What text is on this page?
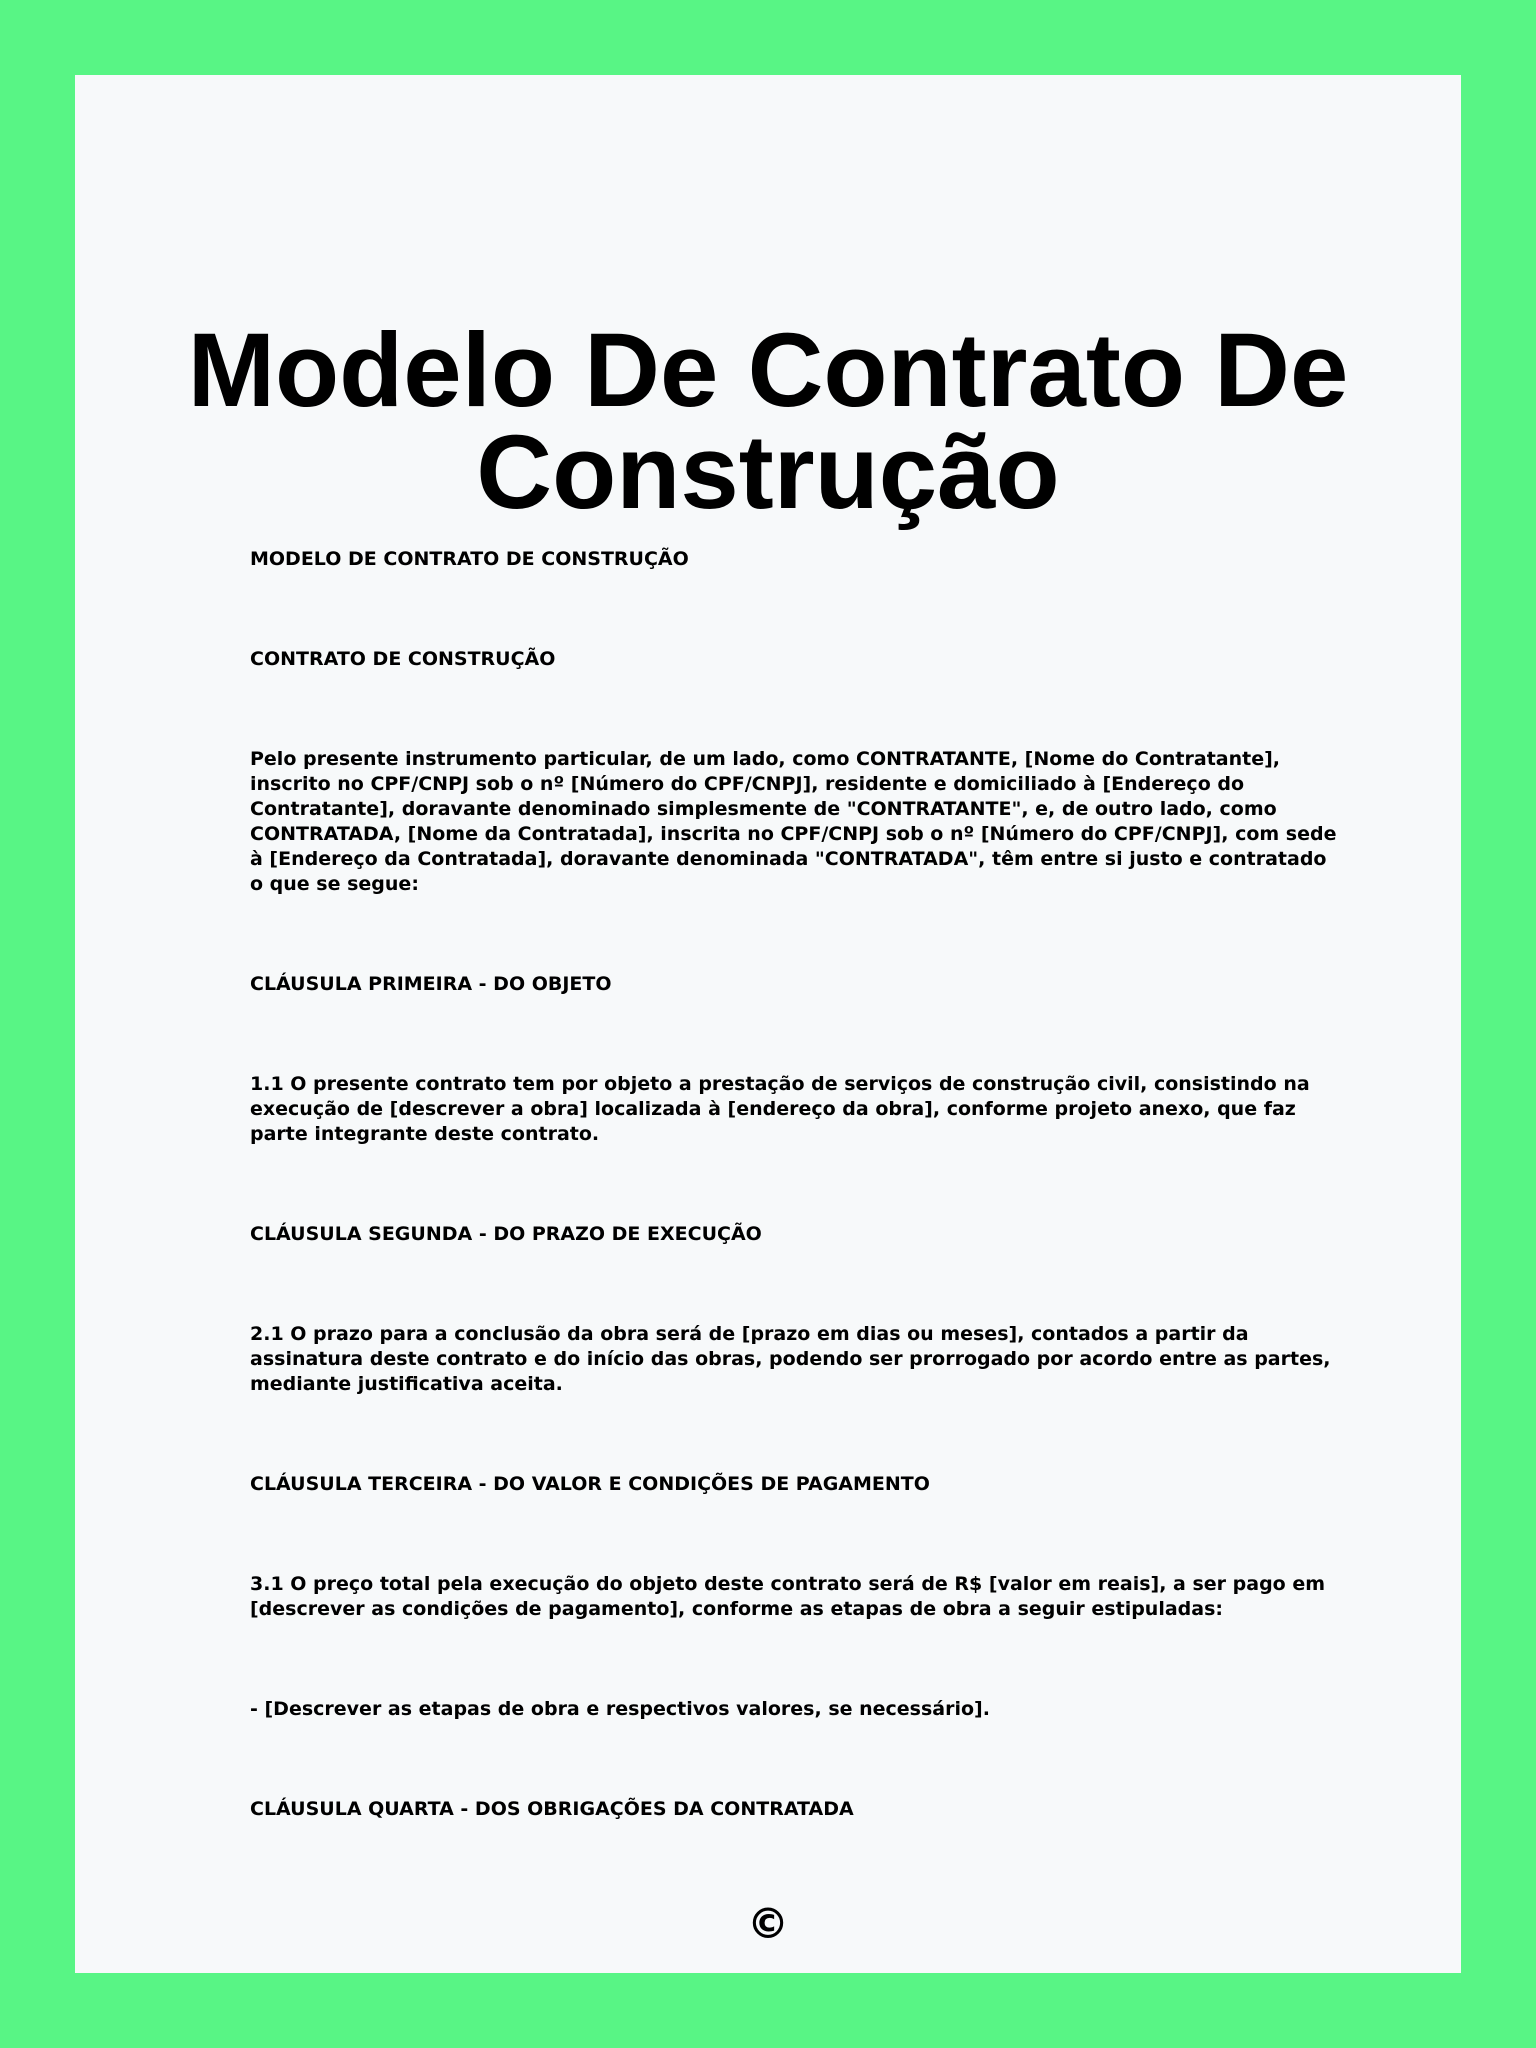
Modelo De Contrato De Construção

MODELO DE CONTRATO DE CONSTRUÇÃO

CONTRATO DE CONSTRUÇÃO

Pelo presente instrumento particular, de um lado, como CONTRATANTE, [Nome do Contratante], inscrito no CPF/CNPJ sob o nº [Número do CPF/CNPJ], residente e domiciliado à [Endereço do Contratante], doravante denominado simplesmente de "CONTRATANTE", e, de outro lado, como CONTRATADA, [Nome da Contratada], inscrita no CPF/CNPJ sob o nº [Número do CPF/CNPJ], com sede à [Endereço da Contratada], doravante denominada "CONTRATADA", têm entre si justo e contratado o que se segue:

CLÁUSULA PRIMEIRA - DO OBJETO

1.1 O presente contrato tem por objeto a prestação de serviços de construção civil, consistindo na execução de [descrever a obra] localizada à [endereço da obra], conforme projeto anexo, que faz parte integrante deste contrato.

CLÁUSULA SEGUNDA - DO PRAZO DE EXECUÇÃO

2.1 O prazo para a conclusão da obra será de [prazo em dias ou meses], contados a partir da assinatura deste contrato e do início das obras, podendo ser prorrogado por acordo entre as partes, mediante justificativa aceita.

CLÁUSULA TERCEIRA - DO VALOR E CONDIÇÕES DE PAGAMENTO

3.1 O preço total pela execução do objeto deste contrato será de R$ [valor em reais], a ser pago em [descrever as condições de pagamento], conforme as etapas de obra a seguir estipuladas:

- [Descrever as etapas de obra e respectivos valores, se necessário].

CLÁUSULA QUARTA - DOS OBRIGAÇÕES DA CONTRATADA

©
